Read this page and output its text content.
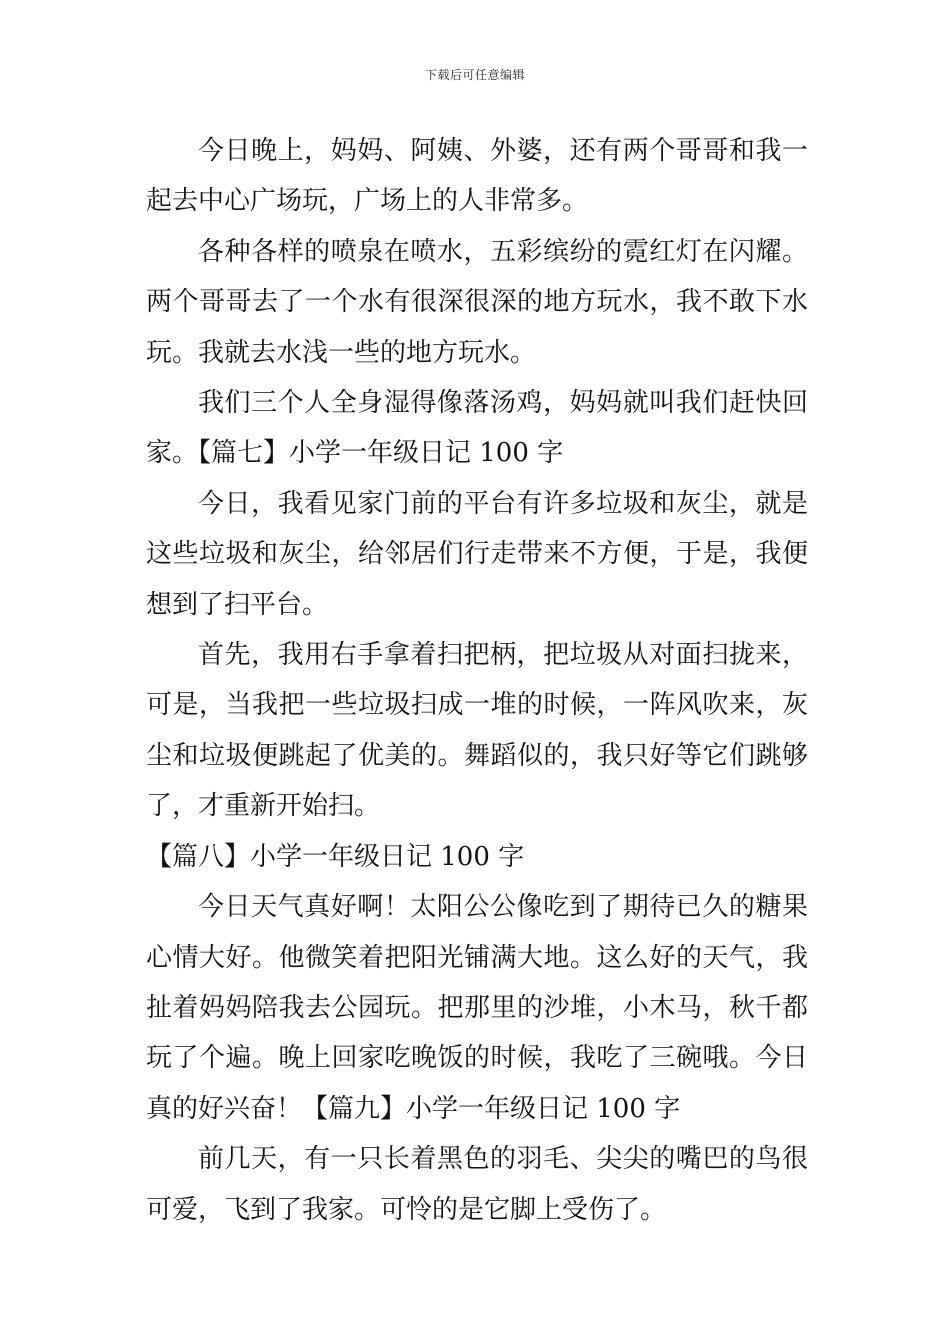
下载后可任意编辑

今日晚上，妈妈、阿姨、外婆，还有两个哥哥和我一起去中心广场玩，广场上的人非常多。

各种各样的喷泉在喷水，五彩缤纷的霓红灯在闪耀。两个哥哥去了一个水有很深很深的地方玩水，我不敢下水玩。我就去水浅一些的地方玩水。

我们三个人全身湿得像落汤鸡，妈妈就叫我们赶快回家。【篇七】小学一年级日记 100 字

今日，我看见家门前的平台有许多垃圾和灰尘，就是这些垃圾和灰尘，给邻居们行走带来不方便，于是，我便想到了扫平台。

首先，我用右手拿着扫把柄，把垃圾从对面扫拢来，可是，当我把一些垃圾扫成一堆的时候，一阵风吹来，灰尘和垃圾便跳起了优美的。舞蹈似的，我只好等它们跳够了，才重新开始扫。

【篇八】小学一年级日记 100 字

今日天气真好啊！太阳公公像吃到了期待已久的糖果心情大好。他微笑着把阳光铺满大地。这么好的天气，我扯着妈妈陪我去公园玩。把那里的沙堆，小木马，秋千都玩了个遍。晚上回家吃晚饭的时候，我吃了三碗哦。今日真的好兴奋！【篇九】小学一年级日记 100 字

前几天，有一只长着黑色的羽毛、尖尖的嘴巴的鸟很可爱，飞到了我家。可怜的是它脚上受伤了。
